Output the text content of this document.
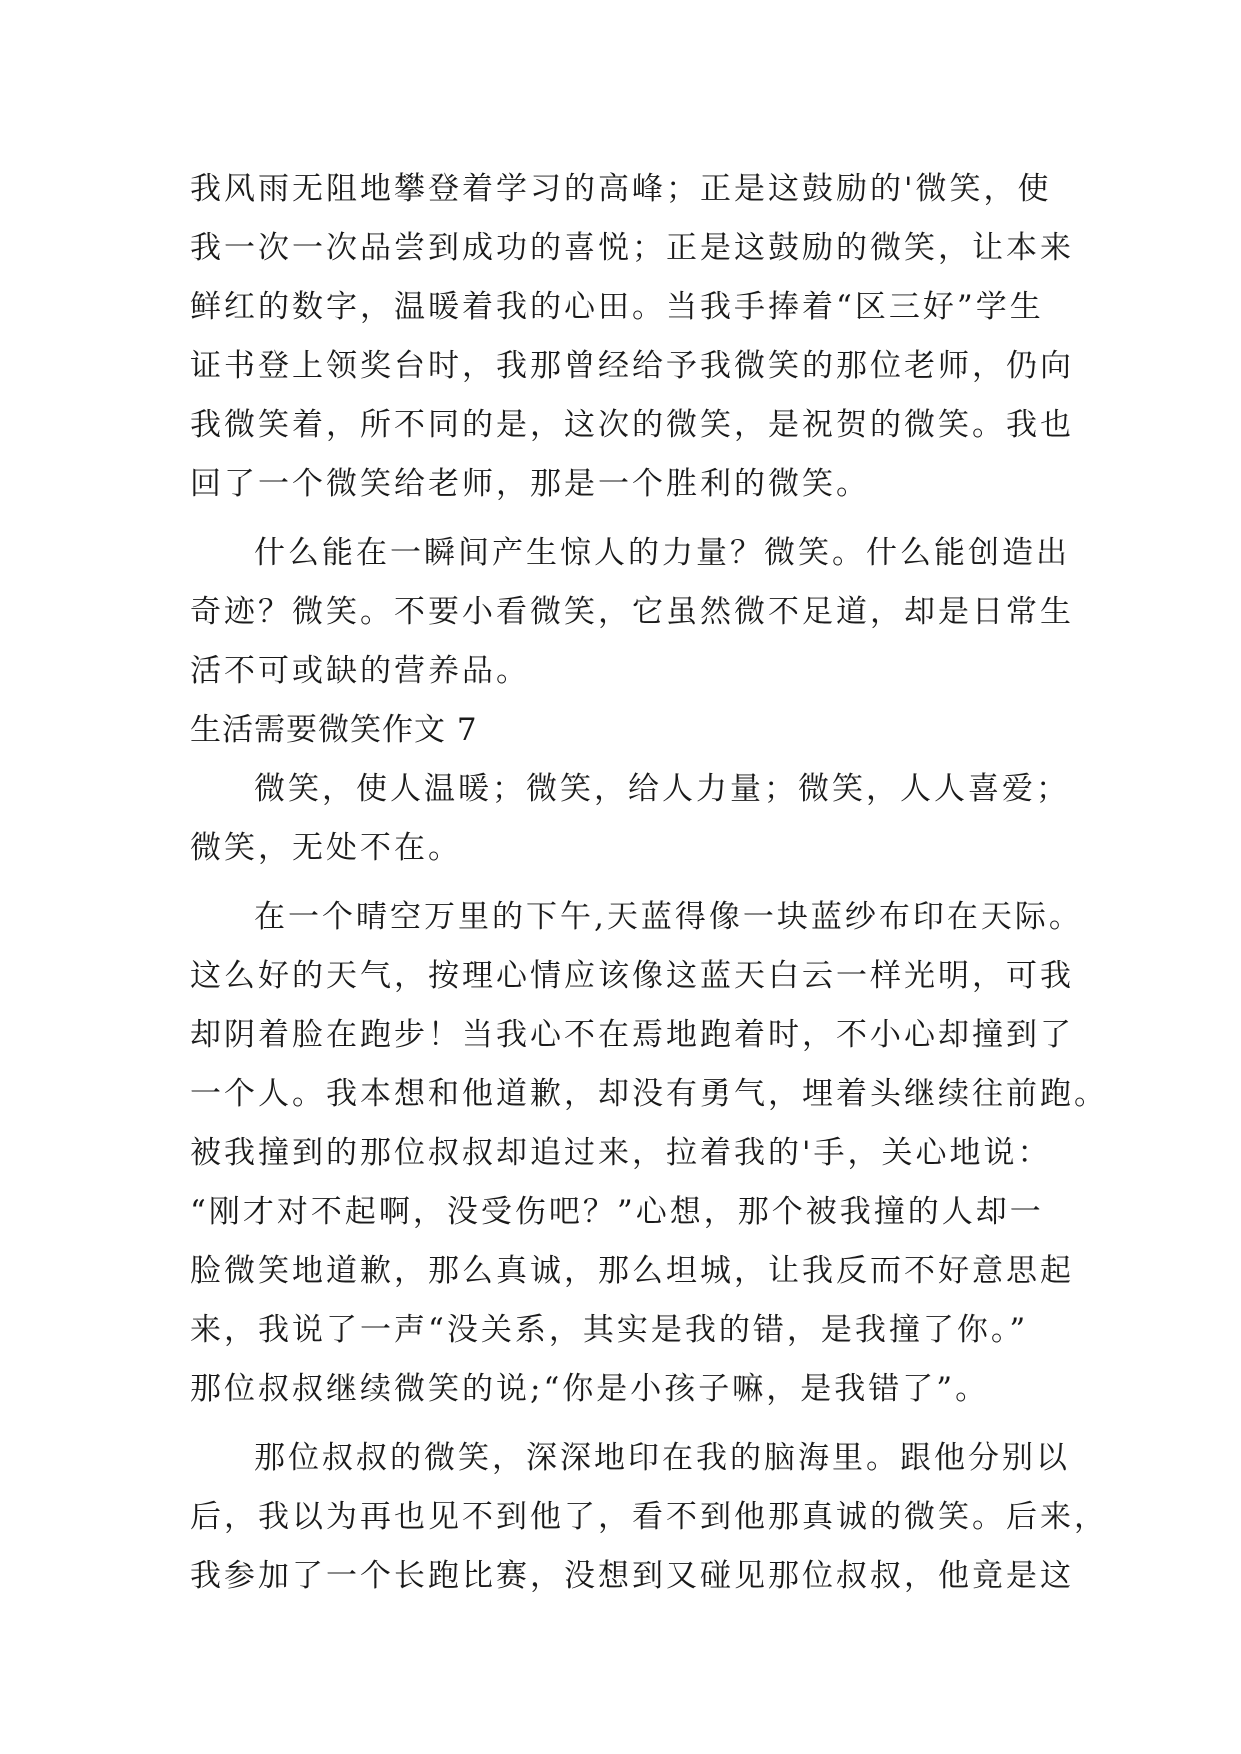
我风雨无阻地攀登着学习的高峰；正是这鼓励的'微笑，使
我一次一次品尝到成功的喜悦；正是这鼓励的微笑，让本来
鲜红的数字，温暖着我的心田。当我手捧着“区三好”学生
证书登上领奖台时，我那曾经给予我微笑的那位老师，仍向
我微笑着，所不同的是，这次的微笑，是祝贺的微笑。我也
回了一个微笑给老师，那是一个胜利的微笑。
什么能在一瞬间产生惊人的力量？微笑。什么能创造出
奇迹？微笑。不要小看微笑，它虽然微不足道，却是日常生
活不可或缺的营养品。
生活需要微笑作文 7
微笑，使人温暖；微笑，给人力量；微笑，人人喜爱；
微笑，无处不在。
在一个晴空万里的下午,天蓝得像一块蓝纱布印在天际。
这么好的天气，按理心情应该像这蓝天白云一样光明，可我
却阴着脸在跑步！当我心不在焉地跑着时，不小心却撞到了
一个人。我本想和他道歉，却没有勇气，埋着头继续往前跑。
被我撞到的那位叔叔却追过来，拉着我的'手，关心地说：
“刚才对不起啊，没受伤吧？”心想，那个被我撞的人却一
脸微笑地道歉，那么真诚，那么坦城，让我反而不好意思起
来，我说了一声“没关系，其实是我的错，是我撞了你。”
那位叔叔继续微笑的说;“你是小孩子嘛，是我错了”。
那位叔叔的微笑，深深地印在我的脑海里。跟他分别以
后，我以为再也见不到他了，看不到他那真诚的微笑。后来，
我参加了一个长跑比赛，没想到又碰见那位叔叔，他竟是这
